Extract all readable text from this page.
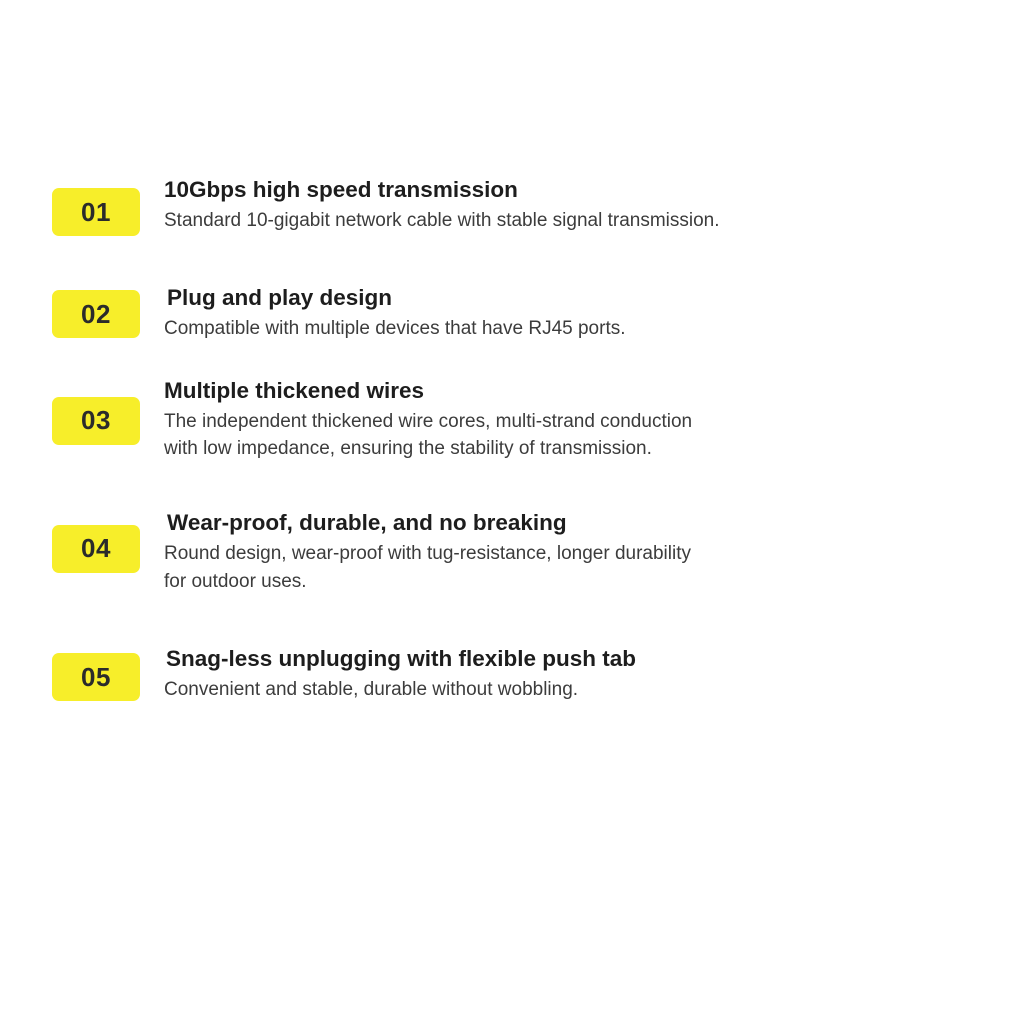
01

10Gbps high speed transmission

Standard 10-gigabit network cable with stable signal transmission.

02

Plug and play design

Compatible with multiple devices that have RJ45 ports.

03

Multiple thickened wires

The independent thickened wire cores, multi-strand conduction

with low impedance, ensuring the stability of transmission.

04

Wear-proof, durable, and no breaking

Round design, wear-proof with tug-resistance, longer durability

for outdoor uses.

05

Snag-less unplugging with flexible push tab

Convenient and stable, durable without wobbling.
